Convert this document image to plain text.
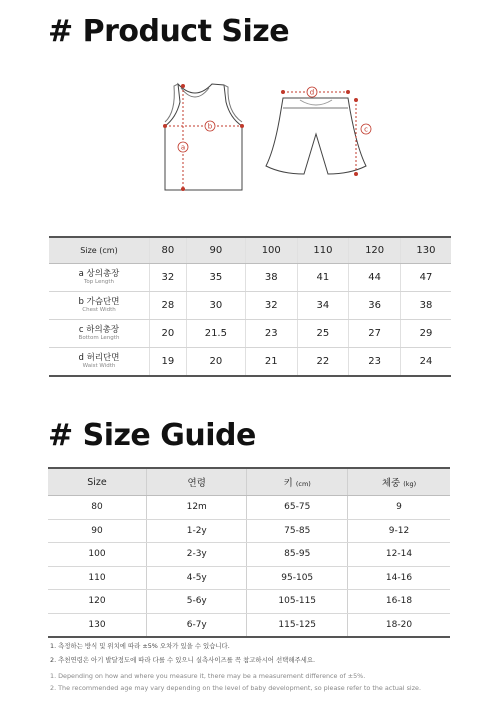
# Product Size
a
b
d
c
Size (cm)	80	90	100	110	120	130

a 상의총장
Top Length	32	35	38	41	44	47

b 가슴단면
Chest Width	28	30	32	34	36	38

c 하의총장
Bottom Length	20	21.5	23	25	27	29

d 허리단면
Waist Width	19	20	21	22	23	24
# Size Guide
Size	연령	키 (cm)	체중 (kg)
80	12m	65-75	9
90	1-2y	75-85	9-12
100	2-3y	85-95	12-14
110	4-5y	95-105	14-16
120	5-6y	105-115	16-18
130	6-7y	115-125	18-20
1. 측정하는 방식 및 위치에 따라 ±5% 오차가 있을 수 있습니다.
2. 추천연령은 아기 발달정도에 따라 다를 수 있으니 실측사이즈를 꼭 참고하시어 선택해주세요.
1. Depending on how and where you measure it, there may be a measurement difference of ±5%.
2. The recommended age may vary depending on the level of baby development, so please refer to the actual size.
